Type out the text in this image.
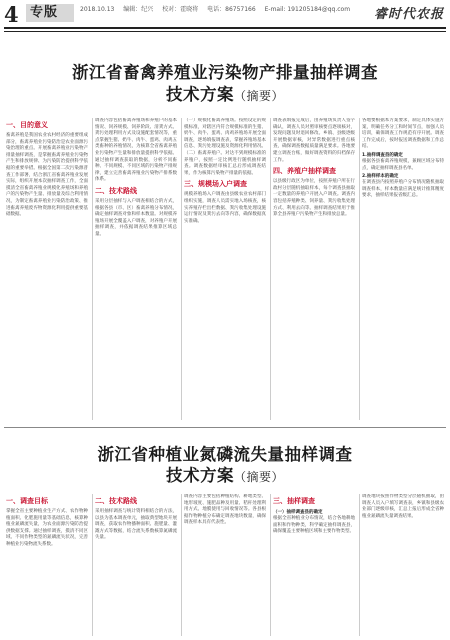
4 专版	2018.10.13 编辑：纪兴 校对：霍晓将 电话：86757166 E-mail: 191205184@qq.com	睿时代农报
浙江省畜禽养殖业污染物产排量抽样调查
技术方案（摘要）
一、目的意义
畜禽养殖是我国农业农村经济的重要组成部分，畜禽养殖业污染防治是农业面源污染治理的重点。开展畜禽养殖业污染物产排量抽样调查，是掌握畜禽养殖业污染物产生和排放规律、为污染防治提供科学依据的重要举措。根据全国第二次污染源普查工作部署，结合浙江省畜禽养殖业发展实际，组织开展本次抽样调查工作，全面摸清全省畜禽养殖业规模化养殖场和养殖户的污染物产生量、排放量及综合利用情况，为制定畜禽养殖业污染防治政策、推进畜禽养殖废弃物资源化利用提供重要基础数据。
调查内容包括畜禽养殖场和养殖户的基本情况、饲养规模、饲养阶段、清粪方式、粪污处理利用方式及设施配套情况等，重点掌握生猪、奶牛、肉牛、蛋鸡、肉鸡五类畜种的养殖情况，为核算全省畜禽养殖业污染物产生量和排放量提供科学依据。通过抽样调查获取的数据，分析不同畜种、不同规模、不同区域的污染物产排规律，建立完善畜禽养殖业污染物产排系数体系。
二、技术路线
采用分层抽样与入户调查相结合的方式，根据各县（市、区）畜禽养殖分布情况，确定抽样调查对象和样本数量。对规模养殖场开展全覆盖入户调查，对养殖户开展抽样调查，并依据调查结果推算区域总量。
（一）规模化畜禽养殖场。按照设定的规模标准，对辖区内符合规模标准的生猪、奶牛、肉牛、蛋鸡、肉鸡养殖场开展全面调查，逐场填报调查表，掌握养殖场基本信息、粪污处理设施及资源化利用情况。（二）畜禽养殖户。对达不到规模标准的养殖户，按照一定比例进行随机抽样调查。调查数据经审核汇总后形成调查结果，作为核算污染物产排量的依据。
三、规模场入户调查
规模养殖场入户调查由县级农业农村部门组织实施，调查人员需实地入场核查，核实养殖存栏出栏数据、粪污收集处理设施运行情况及粪污去向等内容，确保数据真实准确。
调查表填报完成后，由养殖场负责人签字确认，调查人员对照审核要点逐项核对，发现问题及时退回修改。乡镇、县级逐级开展数据审核，对异常数据进行重点核查，确保调查数据质量满足要求。各地要建立调查台账，做好调查资料的归档保存工作。
四、养殖户抽样调查
以县级行政区为单位，按照养殖户所在行政村分层随机抽取样本，每个调查县抽取一定数量的养殖户开展入户调查。调查内容包括养殖种类、饲养量、粪污收集处理方式、利用去向等。抽样调查结果用于推算全县养殖户污染物产生和排放总量。
各地要根据本方案要求，制定具体实施方案，明确任务分工和时间节点，加强人员培训，确保调查工作规范有序开展。调查工作完成后，按时报送调查数据和工作总结。
1.抽样调查县的确定
根据各县畜禽养殖规模，兼顾区域分布特点，确定抽样调查县名单。
2.抽样样本的确定
在调查县内按照养殖户分布情况随机抽取调查样本，样本数量应满足统计推算精度要求，抽样结果报省级汇总。
浙江省种植业氮磷流失量抽样调查
技术方案（摘要）
一、调查目标
掌握全省主要种植业生产方式、农作物种植面积、化肥施用量等基础信息，核算种植业氮磷流失量，为农业面源污染防治提供数据支撑。通过抽样调查，摸清不同区域、不同作物类型的氮磷流失状况，完善种植业污染物流失系数。
二、技术路线
采用抽样调查与统计资料相结合的方法，以县为基本调查单元，抽取典型地块开展调查，获取农作物播种面积、施肥量、灌溉方式等数据，结合流失系数核算氮磷流失量。
调查内容主要包括种植结构、耕地类型、地形坡度、施肥品种及用量、秸秆处理利用方式、地膜使用与回收情况等。各县根据作物种植分布确定调查地块数量，确保调查样本具有代表性。
三、抽样调查
（一）抽样调查县的确定
根据全省种植业分布情况，结合各地耕地面积和作物种类，科学确定抽样调查县，确保覆盖主要种植区域和主要作物类型。
调查地块按照作物类型分层随机抽取，由调查人员入户填写调查表，乡镇和县级农业部门逐级审核，汇总上报后形成全省种植业氮磷流失量调查结果。
